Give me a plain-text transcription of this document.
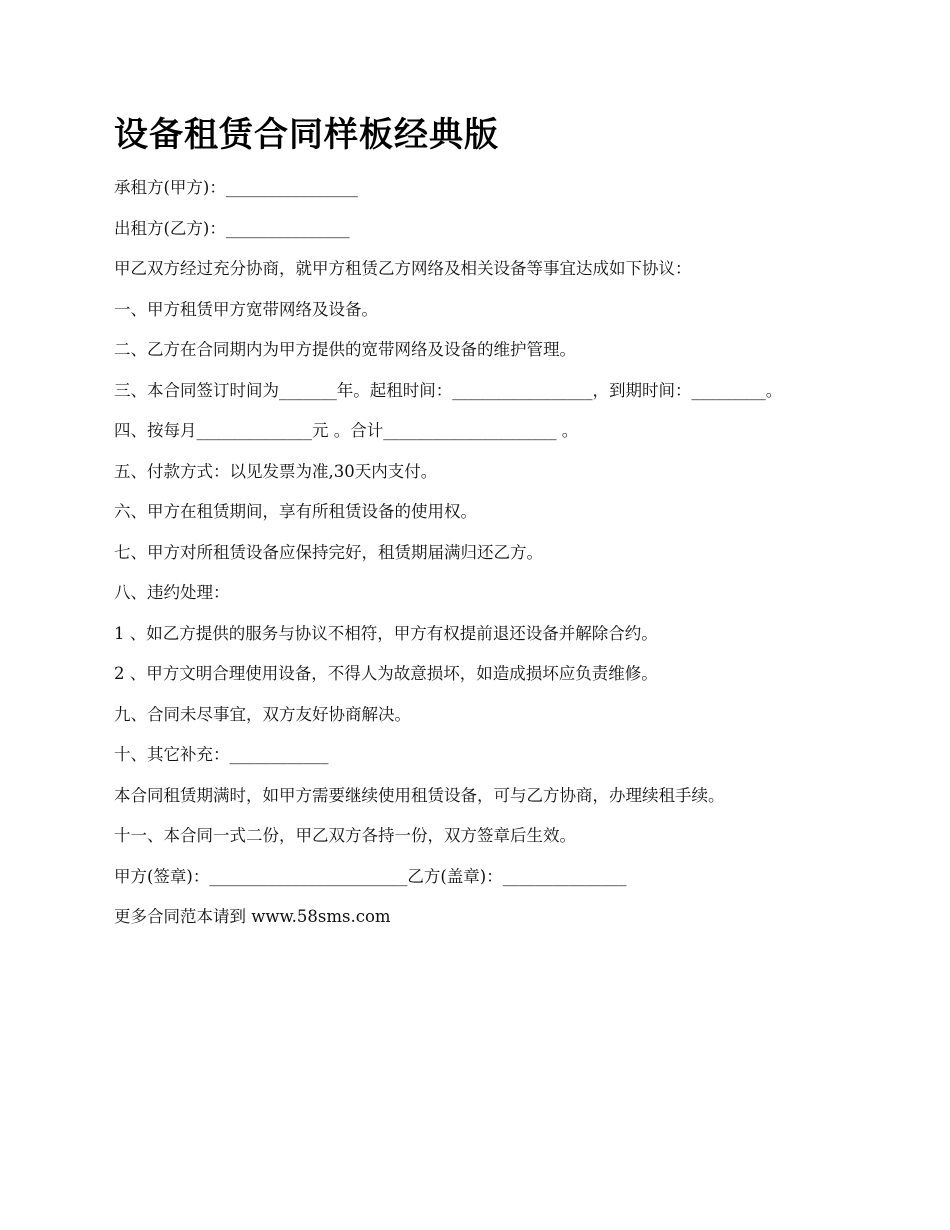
设备租赁合同样板经典版

承租方(甲方)：________________

出租方(乙方)：_______________

甲乙双方经过充分协商，就甲方租赁乙方网络及相关设备等事宜达成如下协议：

一、甲方租赁甲方宽带网络及设备。

二、乙方在合同期内为甲方提供的宽带网络及设备的维护管理。

三、本合同签订时间为_______年。起租时间：_________________，到期时间：_________。

四、按每月______________元 。合计_____________________ 。

五、付款方式：以见发票为准,30天内支付。

六、甲方在租赁期间，享有所租赁设备的使用权。

七、甲方对所租赁设备应保持完好，租赁期届满归还乙方。

八、违约处理：

1 、如乙方提供的服务与协议不相符，甲方有权提前退还设备并解除合约。

2 、甲方文明合理使用设备，不得人为故意损坏，如造成损坏应负责维修。

九、合同未尽事宜，双方友好协商解决。

十、其它补充：____________

本合同租赁期满时，如甲方需要继续使用租赁设备，可与乙方协商，办理续租手续。

十一、本合同一式二份，甲乙双方各持一份，双方签章后生效。

甲方(签章)：________________________乙方(盖章)：_______________

更多合同范本请到 www.58sms.com
